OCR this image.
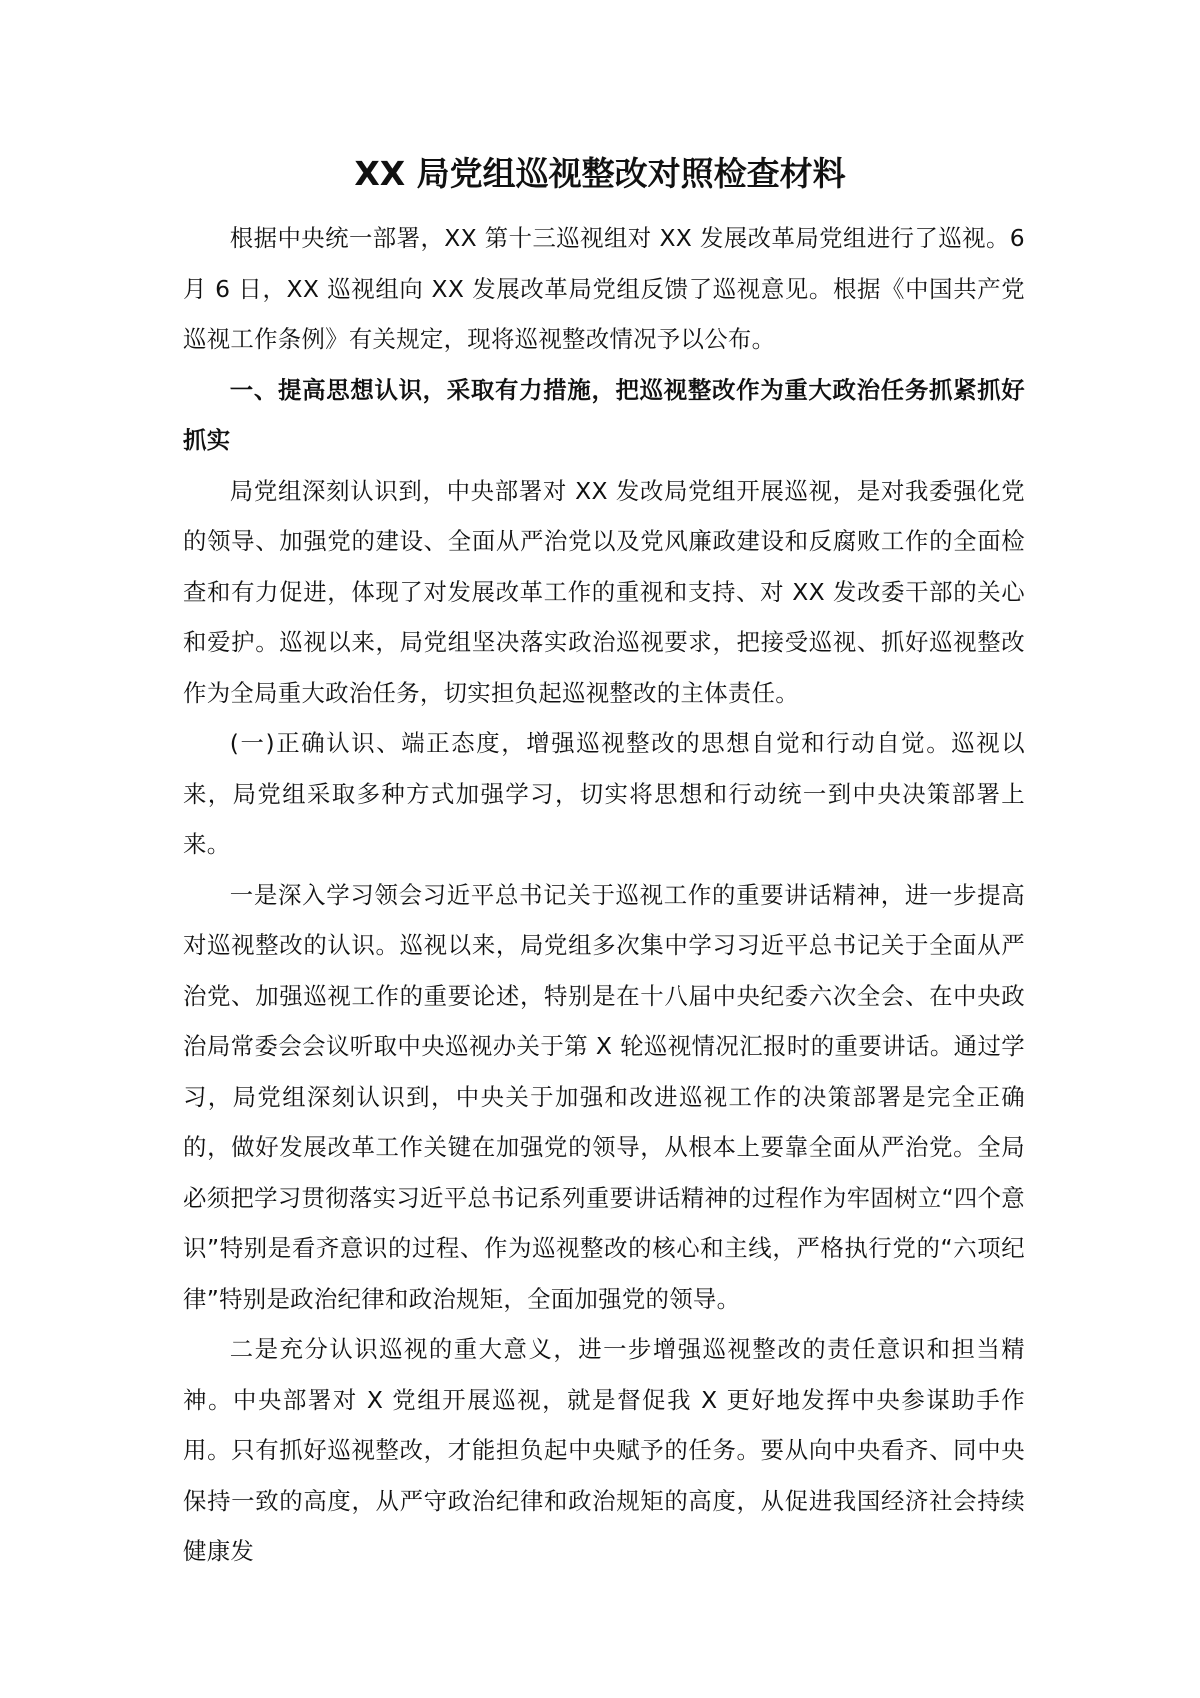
XX 局党组巡视整改对照检查材料

根据中央统一部署，XX 第十三巡视组对 XX 发展改革局党组进行了巡视。6 月 6 日，XX 巡视组向 XX 发展改革局党组反馈了巡视意见。根据《中国共产党巡视工作条例》有关规定，现将巡视整改情况予以公布。

一、提高思想认识，采取有力措施，把巡视整改作为重大政治任务抓紧抓好抓实

局党组深刻认识到，中央部署对 XX 发改局党组开展巡视，是对我委强化党的领导、加强党的建设、全面从严治党以及党风廉政建设和反腐败工作的全面检查和有力促进，体现了对发展改革工作的重视和支持、对 XX 发改委干部的关心和爱护。巡视以来，局党组坚决落实政治巡视要求，把接受巡视、抓好巡视整改作为全局重大政治任务，切实担负起巡视整改的主体责任。

(一)正确认识、端正态度，增强巡视整改的思想自觉和行动自觉。巡视以来，局党组采取多种方式加强学习，切实将思想和行动统一到中央决策部署上来。

一是深入学习领会习近平总书记关于巡视工作的重要讲话精神，进一步提高对巡视整改的认识。巡视以来，局党组多次集中学习习近平总书记关于全面从严治党、加强巡视工作的重要论述，特别是在十八届中央纪委六次全会、在中央政治局常委会会议听取中央巡视办关于第 X 轮巡视情况汇报时的重要讲话。通过学习，局党组深刻认识到，中央关于加强和改进巡视工作的决策部署是完全正确的，做好发展改革工作关键在加强党的领导，从根本上要靠全面从严治党。全局必须把学习贯彻落实习近平总书记系列重要讲话精神的过程作为牢固树立“四个意识”特别是看齐意识的过程、作为巡视整改的核心和主线，严格执行党的“六项纪律”特别是政治纪律和政治规矩，全面加强党的领导。

二是充分认识巡视的重大意义，进一步增强巡视整改的责任意识和担当精神。中央部署对 X 党组开展巡视，就是督促我 X 更好地发挥中央参谋助手作用。只有抓好巡视整改，才能担负起中央赋予的任务。要从向中央看齐、同中央保持一致的高度，从严守政治纪律和政治规矩的高度，从促进我国经济社会持续健康发
